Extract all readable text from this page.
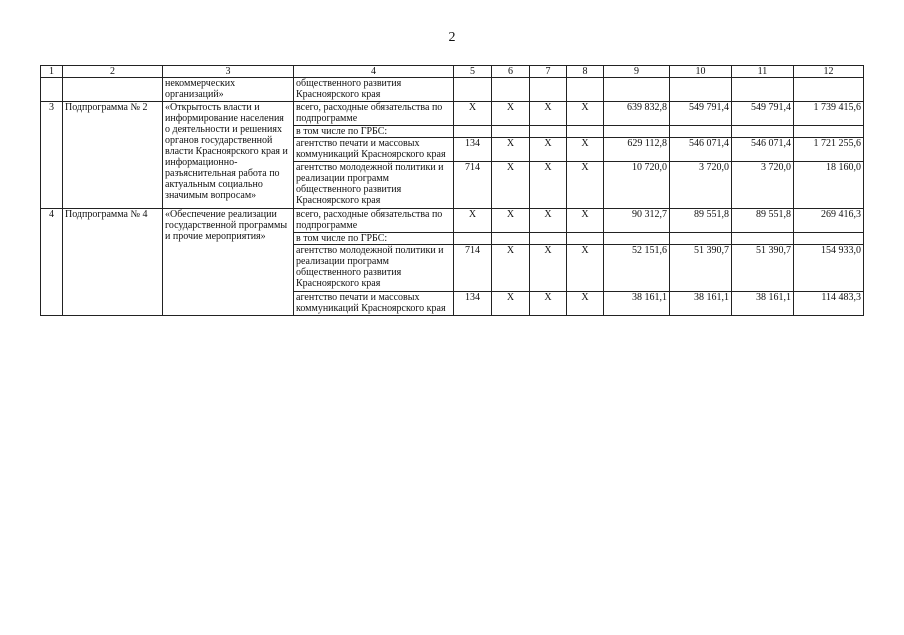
2
1	2	3	4	5	6	7	8	9	10	11	12
		некоммерческих организаций»	общественного развития Красноярского края								
3	Подпрограмма № 2	«Открытость власти и информирование населения о деятельности и решениях органов государственной власти Красноярского края и информационно-разъяснительная работа по актуальным социально значимым вопросам»	всего, расходные обязательства по подпрограмме	Х	Х	Х	Х	639 832,8	549 791,4	549 791,4	1 739 415,6
			в том числе по ГРБС:								
			агентство печати и массовых коммуникаций Красноярского края	134	Х	Х	Х	629 112,8	546 071,4	546 071,4	1 721 255,6
			агентство молодежной политики и реализации программ общественного развития Красноярского края	714	Х	Х	Х	10 720,0	3 720,0	3 720,0	18 160,0
4	Подпрограмма № 4	«Обеспечение реализации государственной программы и прочие мероприятия»	всего, расходные обязательства по подпрограмме	Х	Х	Х	Х	90 312,7	89 551,8	89 551,8	269 416,3
			в том числе по ГРБС:								
			агентство молодежной политики и реализации программ общественного развития Красноярского края	714	Х	Х	Х	52 151,6	51 390,7	51 390,7	154 933,0
			агентство печати и массовых коммуникаций Красноярского края	134	Х	Х	Х	38 161,1	38 161,1	38 161,1	114 483,3
